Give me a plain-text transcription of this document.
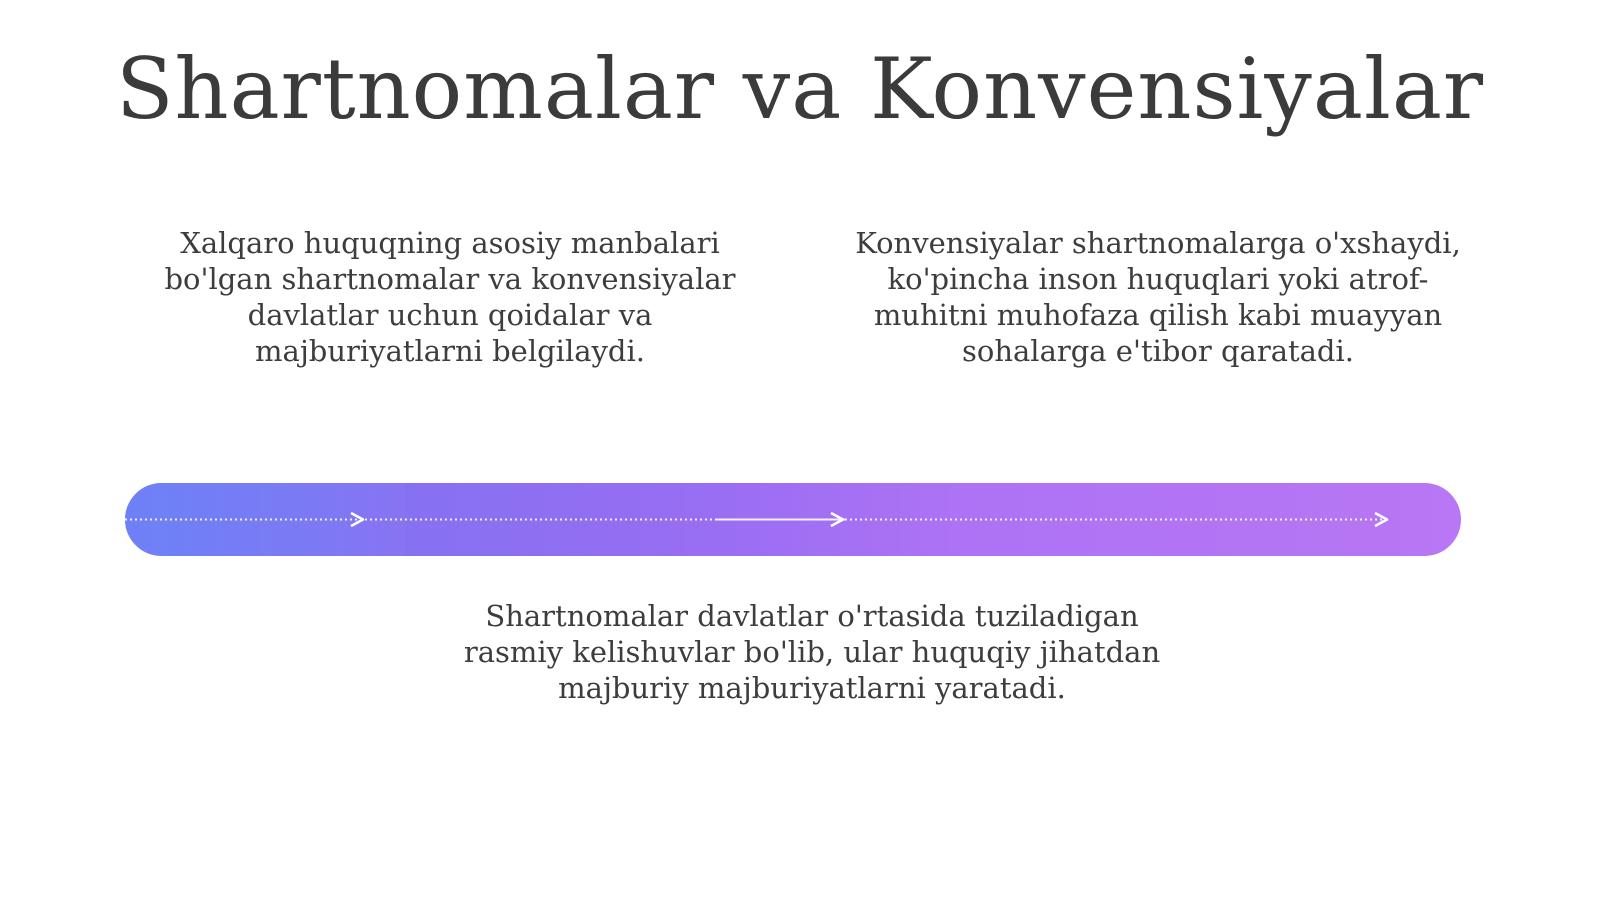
Shartnomalar va Konvensiyalar

Xalqaro huquqning asosiy manbalari bo'lgan shartnomalar va konvensiyalar davlatlar uchun qoidalar va majburiyatlarni belgilaydi.

Konvensiyalar shartnomalarga o'xshaydi, ko'pincha inson huquqlari yoki atrof-muhitni muhofaza qilish kabi muayyan sohalarga e'tibor qaratadi.

Shartnomalar davlatlar o'rtasida tuziladigan rasmiy kelishuvlar bo'lib, ular huquqiy jihatdan majburiy majburiyatlarni yaratadi.
